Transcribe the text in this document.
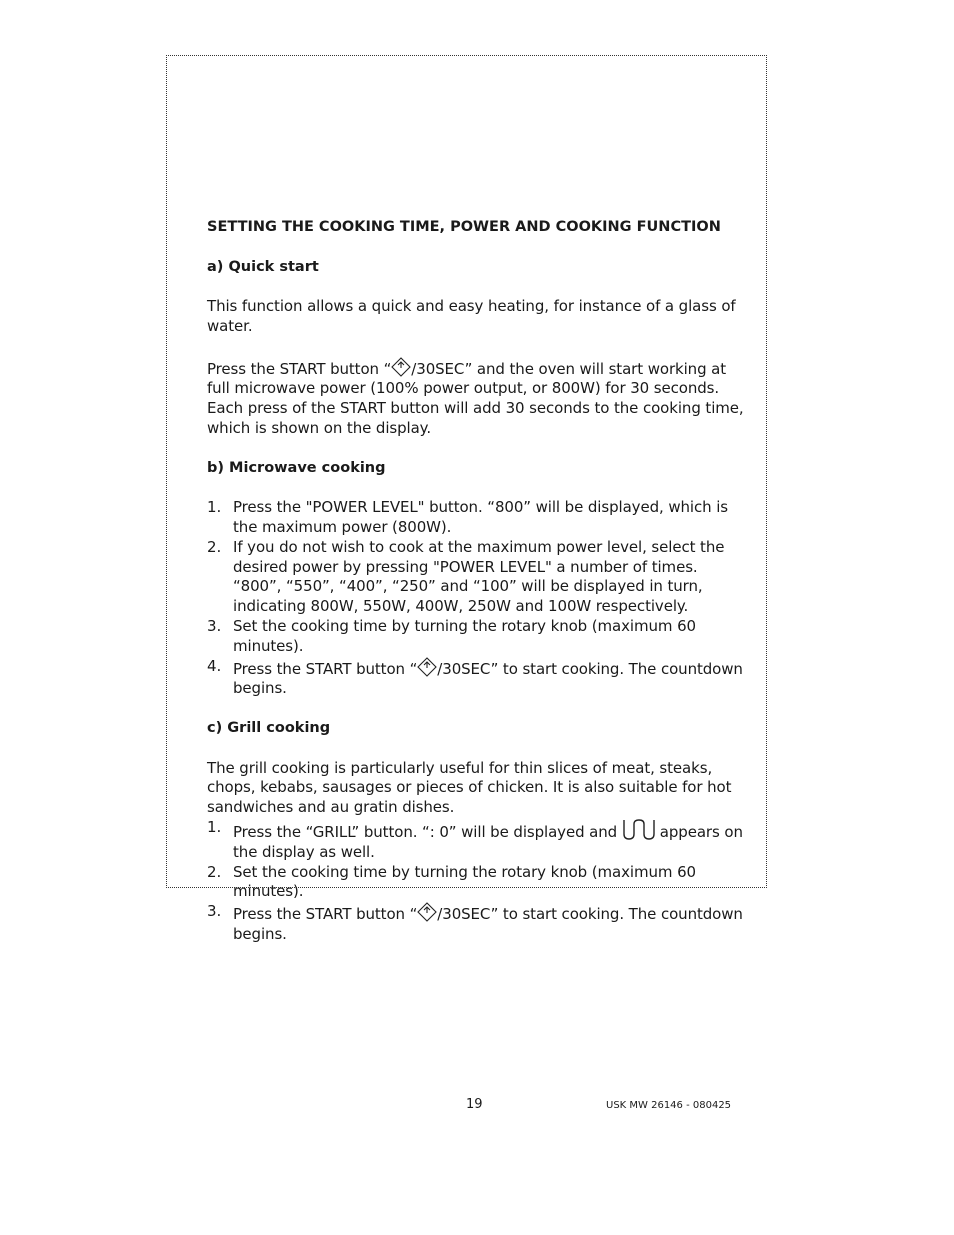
SETTING THE COOKING TIME, POWER AND COOKING FUNCTION

a) Quick start

This function allows a quick and easy heating, for instance of a glass of water.

Press the START button “ /30SEC” and the oven will start working at full microwave power (100% power output, or 800W) for 30 seconds. Each press of the START button will add 30 seconds to the cooking time, which is shown on the display.

b) Microwave cooking

1. Press the "POWER LEVEL" button. “800” will be displayed, which is the maximum power (800W).
2. If you do not wish to cook at the maximum power level, select the desired power by pressing "POWER LEVEL" a number of times. “800”, “550”, “400”, “250” and “100” will be displayed in turn, indicating 800W, 550W, 400W, 250W and 100W respectively.
3. Set the cooking time by turning the rotary knob (maximum 60 minutes).
4. Press the START button “ /30SEC” to start cooking. The countdown begins.

c) Grill cooking

The grill cooking is particularly useful for thin slices of meat, steaks, chops, kebabs, sausages or pieces of chicken. It is also suitable for hot sandwiches and au gratin dishes.

1. Press the “GRILL” button. “: 0” will be displayed and	appears on the display as well.
2. Set the cooking time by turning the rotary knob (maximum 60 minutes).
3. Press the START button “ /30SEC” to start cooking. The countdown begins.
19	USK MW 26146 - 080425
